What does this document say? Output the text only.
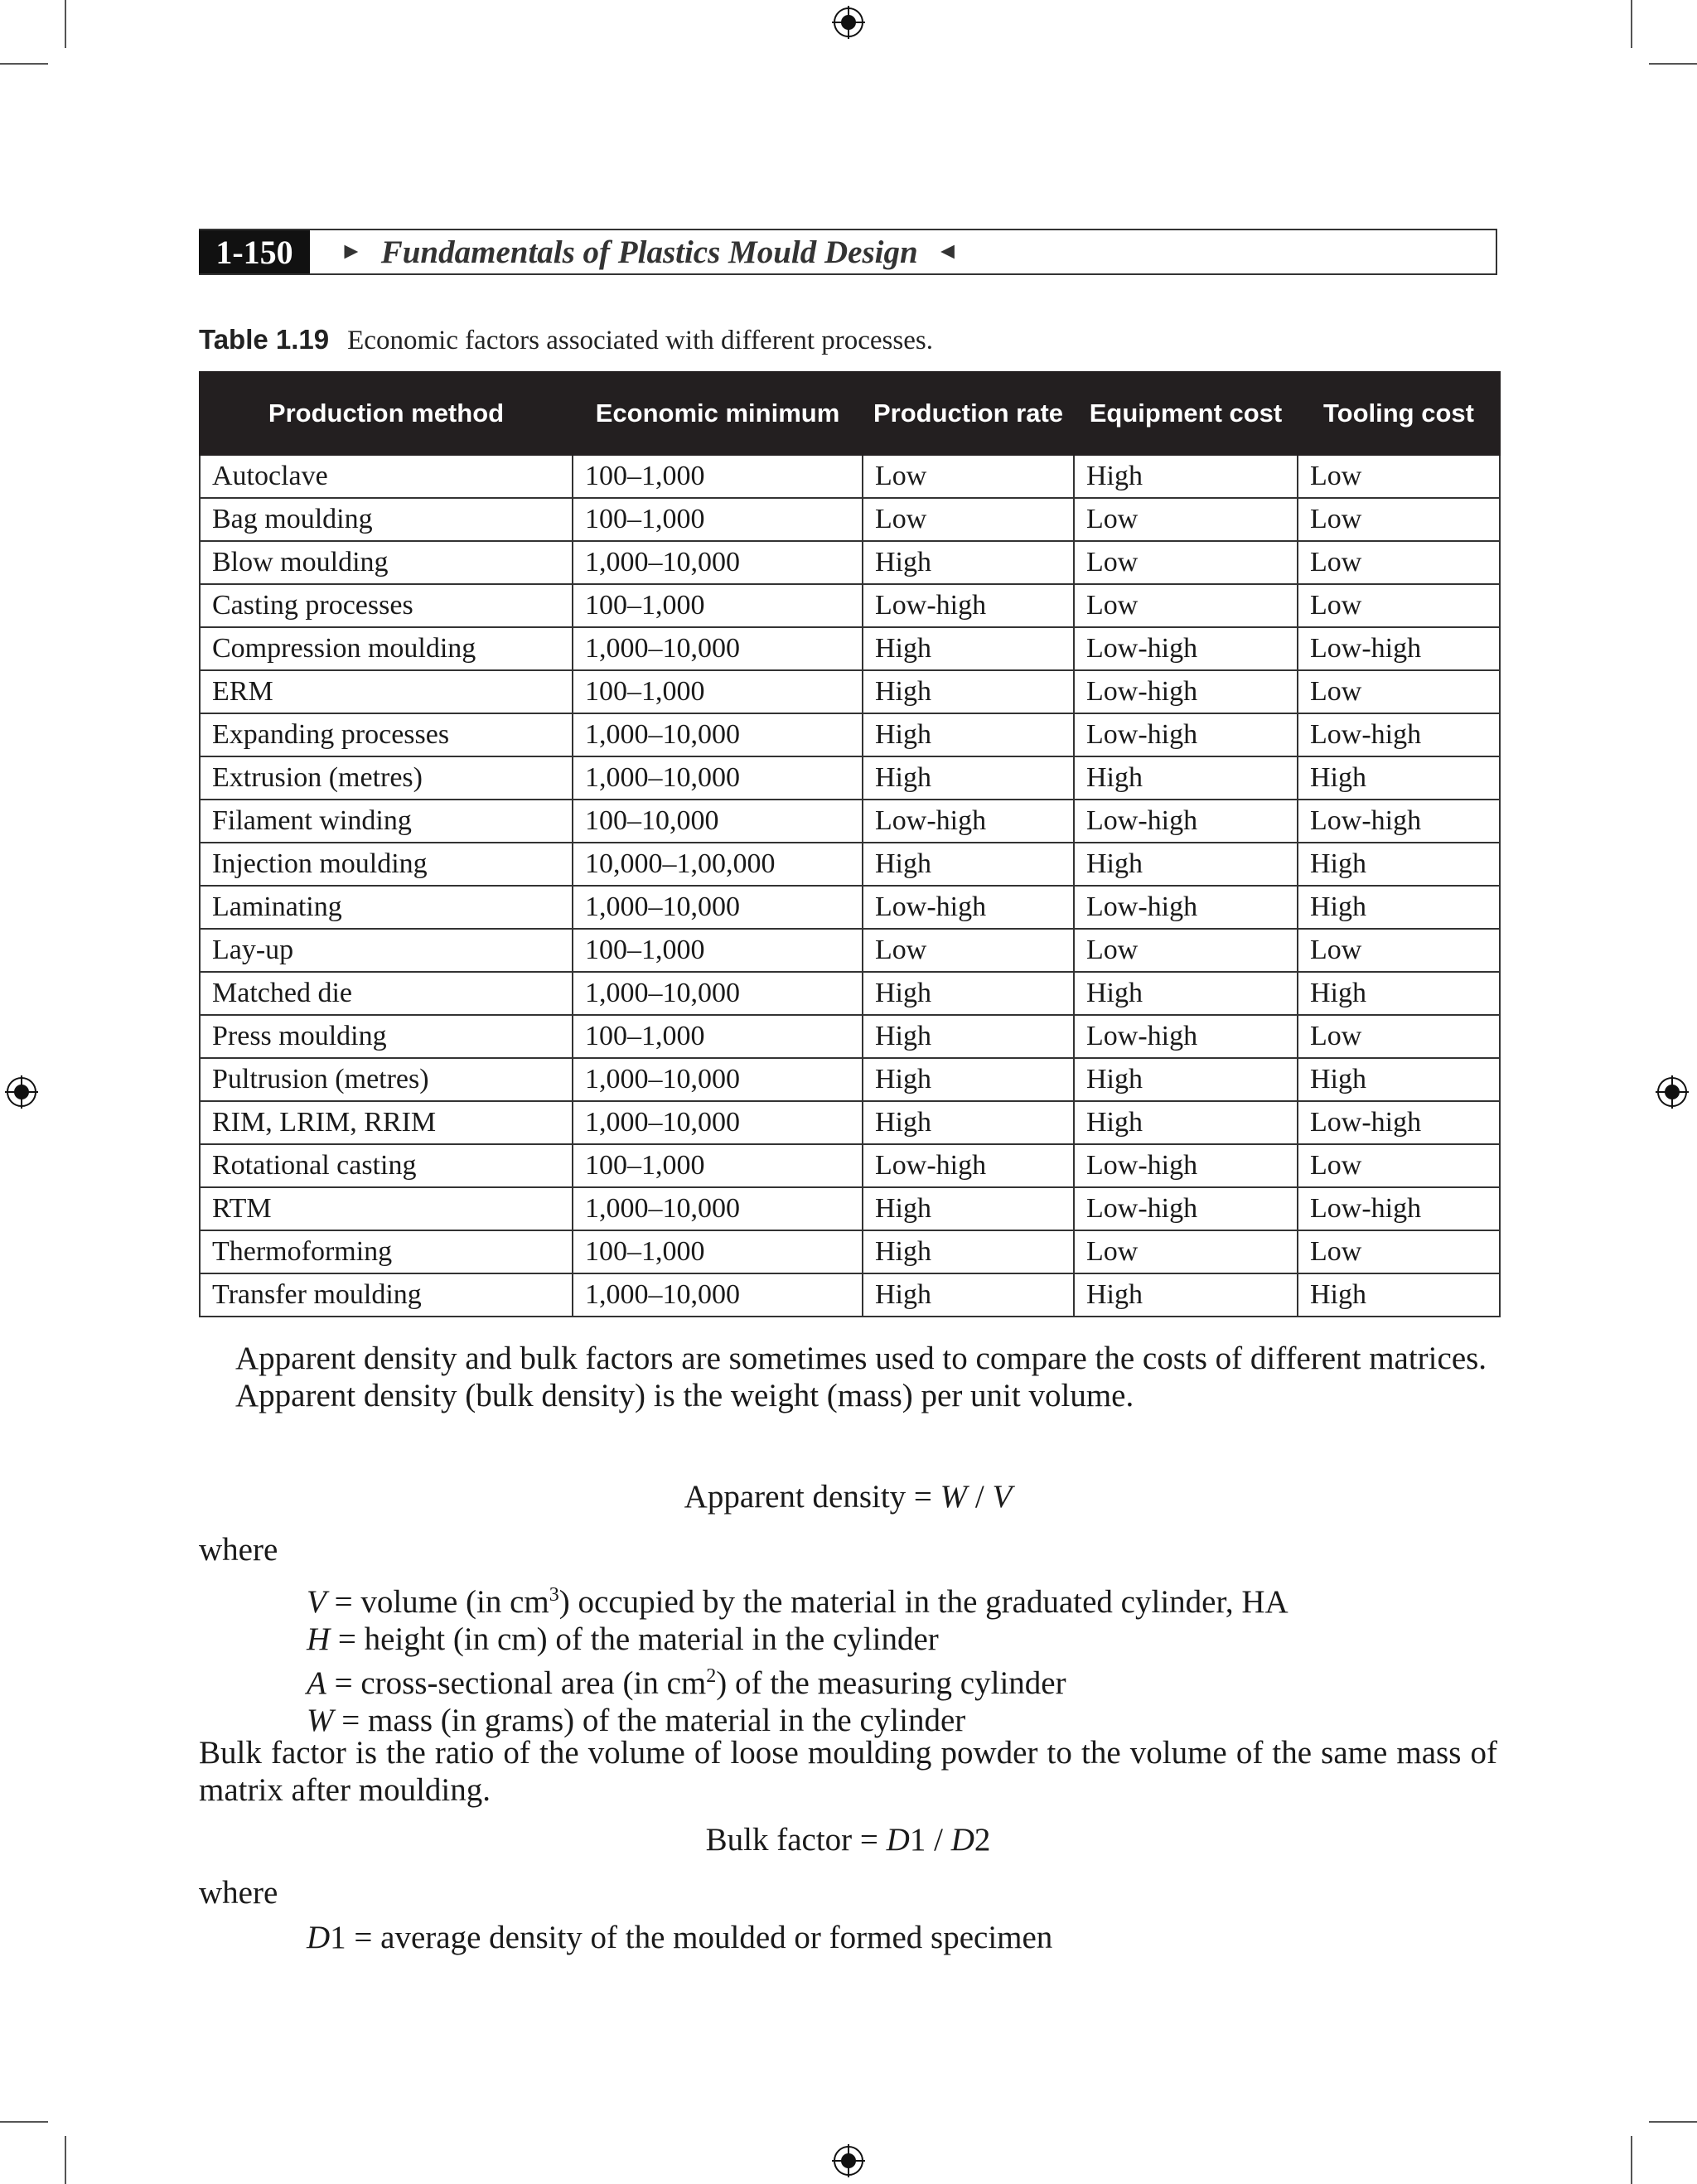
1-150	► Fundamentals of Plastics Mould Design ◄
Table 1.19 Economic factors associated with different processes.
Production method	Economic minimum	Production rate	Equipment cost	Tooling cost
Autoclave	100–1,000	Low	High	Low
Bag moulding	100–1,000	Low	Low	Low
Blow moulding	1,000–10,000	High	Low	Low
Casting processes	100–1,000	Low-high	Low	Low
Compression moulding	1,000–10,000	High	Low-high	Low-high
ERM	100–1,000	High	Low-high	Low
Expanding processes	1,000–10,000	High	Low-high	Low-high
Extrusion (metres)	1,000–10,000	High	High	High
Filament winding	100–10,000	Low-high	Low-high	Low-high
Injection moulding	10,000–1,00,000	High	High	High
Laminating	1,000–10,000	Low-high	Low-high	High
Lay-up	100–1,000	Low	Low	Low
Matched die	1,000–10,000	High	High	High
Press moulding	100–1,000	High	Low-high	Low
Pultrusion (metres)	1,000–10,000	High	High	High
RIM, LRIM, RRIM	1,000–10,000	High	High	Low-high
Rotational casting	100–1,000	Low-high	Low-high	Low
RTM	1,000–10,000	High	Low-high	Low-high
Thermoforming	100–1,000	High	Low	Low
Transfer moulding	1,000–10,000	High	High	High

Apparent density and bulk factors are sometimes used to compare the costs of different matrices.

Apparent density (bulk density) is the weight (mass) per unit volume.

Apparent density = W / V
where
V = volume (in $cm^3$) occupied by the material in the graduated cylinder, HA
H = height (in cm) of the material in the cylinder
A = cross-sectional area (in $cm^2$) of the measuring cylinder
W = mass (in grams) of the material in the cylinder

Bulk factor is the ratio of the volume of loose moulding powder to the volume of the same mass of matrix after moulding.

Bulk factor = D1 / D2
where
D1 = average density of the moulded or formed specimen
